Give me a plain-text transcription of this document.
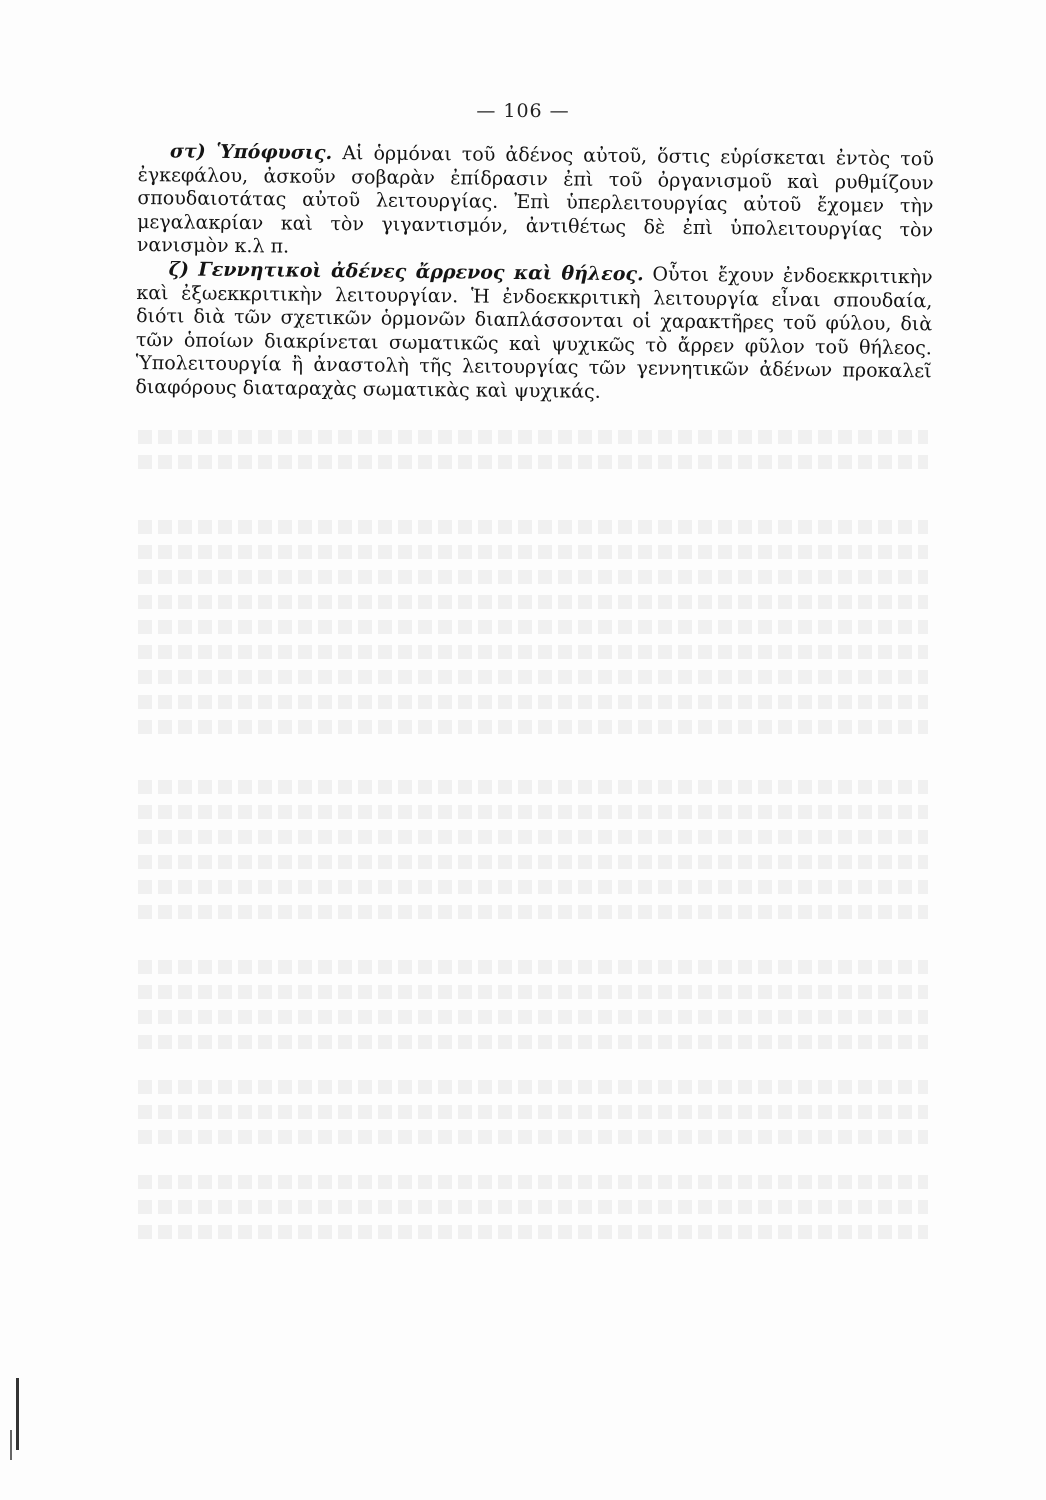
— 106 —

στ) Ὑπόφυσις. Αἱ ὁρμόναι τοῦ ἀδένος αὐτοῦ, ὅστις εὑρίσκεται ἐντὸς τοῦ ἐγκεφάλου, ἀσκοῦν σοβαρὰν ἐπίδρασιν ἐπὶ τοῦ ὀργανισμοῦ καὶ ρυθμίζουν σπουδαιοτάτας αὐτοῦ λειτουργίας. Ἐπὶ ὑπερλειτουργίας αὐτοῦ ἔχομεν τὴν μεγαλακρίαν καὶ τὸν γιγαντισμόν, ἀντιθέτως δὲ ἐπὶ ὑπολειτουργίας τὸν νανισμὸν κ.λ π.

ζ) Γεννητικοὶ ἀδένες ἄρρενος καὶ θήλεος. Οὗτοι ἔχουν ἐνδοεκκριτικὴν καὶ ἐξωεκκριτικὴν λειτουργίαν. Ἡ ἐνδοεκκριτικὴ λειτουργία εἶναι σπουδαία, διότι διὰ τῶν σχετικῶν ὁρμονῶν διαπλάσσονται οἱ χαρακτῆρες τοῦ φύλου, διὰ τῶν ὁποίων διακρίνεται σωματικῶς καὶ ψυχικῶς τὸ ἄρρεν φῦλον τοῦ θήλεος. Ὑπολειτουργία ἢ ἀναστολὴ τῆς λειτουργίας τῶν γεννητικῶν ἀδένων προκαλεῖ διαφόρους διαταραχὰς σωματικὰς καὶ ψυχικάς.
